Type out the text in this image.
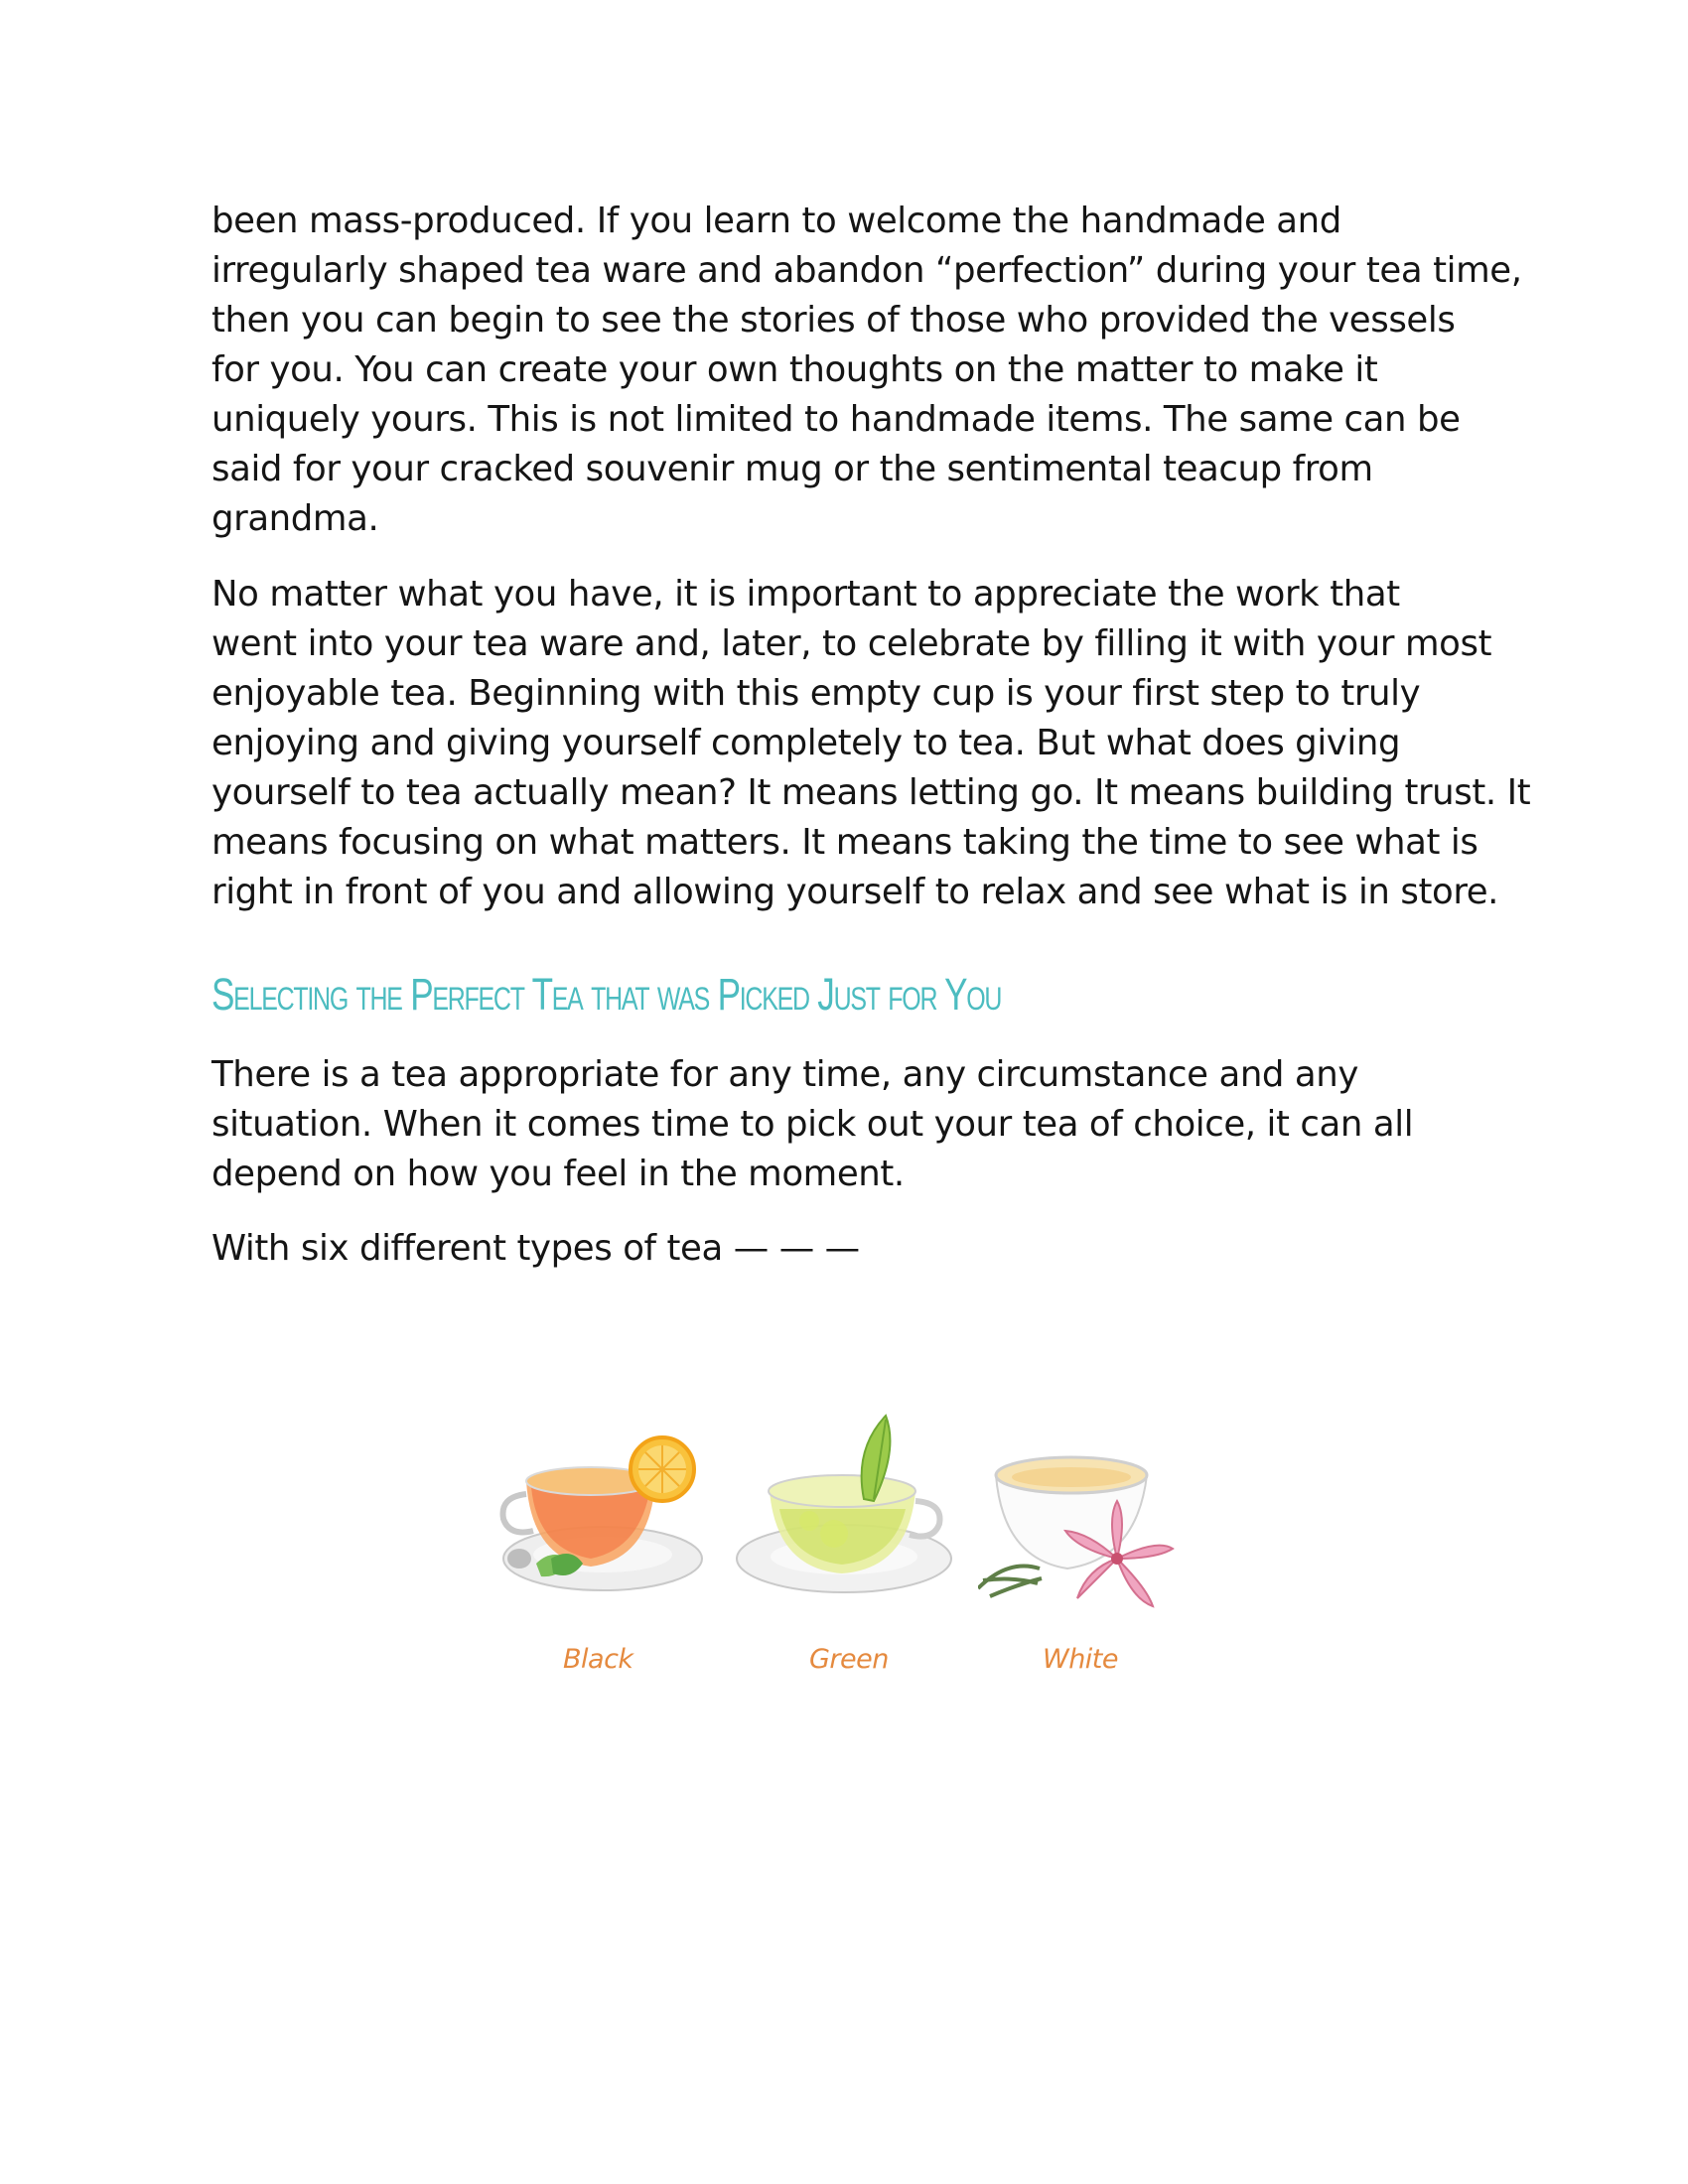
been mass-produced. If you learn to welcome the handmade and
irregularly shaped tea ware and abandon “perfection” during your tea time,
then you can begin to see the stories of those who provided the vessels
for you. You can create your own thoughts on the matter to make it
uniquely yours. This is not limited to handmade items. The same can be
said for your cracked souvenir mug or the sentimental teacup from
grandma.
No matter what you have, it is important to appreciate the work that
went into your tea ware and, later, to celebrate by filling it with your most
enjoyable tea. Beginning with this empty cup is your first step to truly
enjoying and giving yourself completely to tea. But what does giving
yourself to tea actually mean? It means letting go. It means building trust. It
means focusing on what matters. It means taking the time to see what is
right in front of you and allowing yourself to relax and see what is in store.
Selecting the Perfect Tea that was Picked Just for You
There is a tea appropriate for any time, any circumstance and any
situation. When it comes time to pick out your tea of choice, it can all
depend on how you feel in the moment.
With six different types of tea — — —
Black	Green	White
